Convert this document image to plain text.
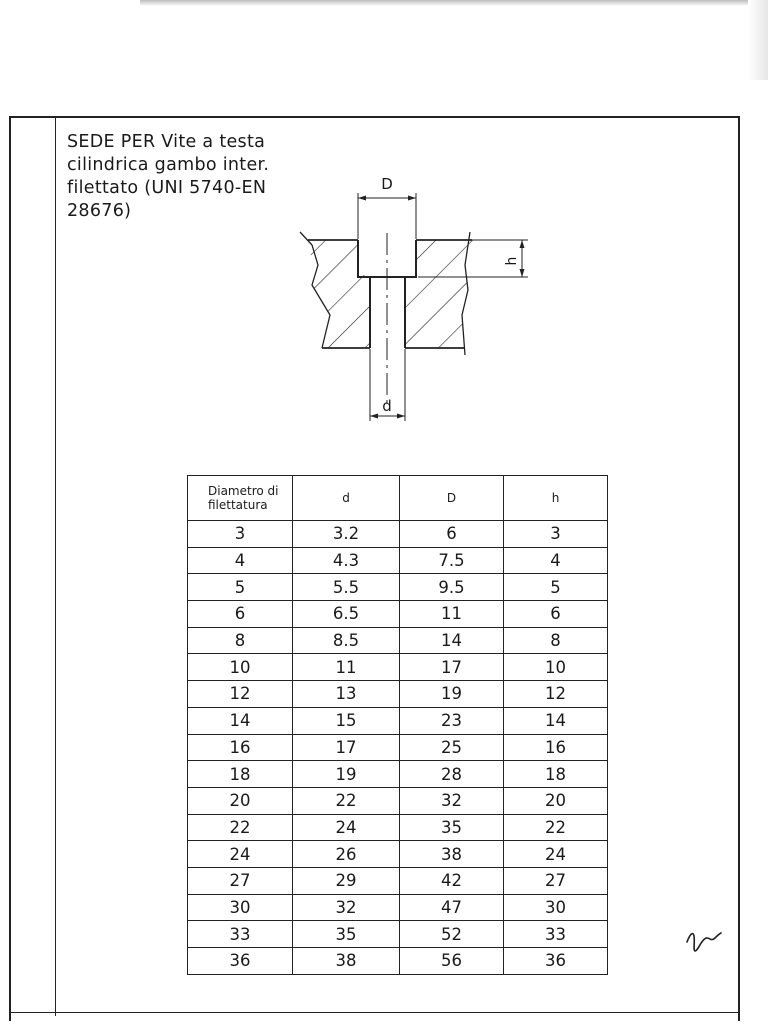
SEDE PER Vite a testa
cilindrica gambo inter.
filettato (UNI 5740-EN
28676)
D
h
d
Diametro di filettatura	d	D	h
3	3.2	6	3
4	4.3	7.5	4
5	5.5	9.5	5
6	6.5	11	6
8	8.5	14	8
10	11	17	10
12	13	19	12
14	15	23	14
16	17	25	16
18	19	28	18
20	22	32	20
22	24	35	22
24	26	38	24
27	29	42	27
30	32	47	30
33	35	52	33
36	38	56	36
